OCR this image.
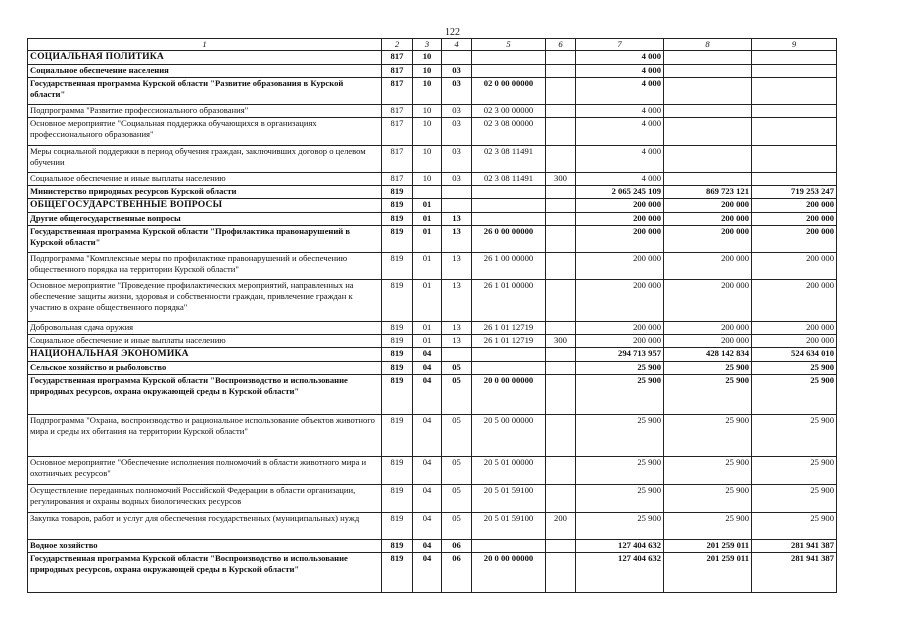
122
1	2	3	4	5	6	7	8	9
СОЦИАЛЬНАЯ ПОЛИТИКА	817	10				4 000		
Социальное обеспечение населения	817	10	03			4 000		
Государственная программа Курской области "Развитие образования в Курской области"	817	10	03	02 0 00 00000		4 000		
Подпрограмма "Развитие профессионального образования"	817	10	03	02 3 00 00000		4 000		
Основное мероприятие "Социальная поддержка обучающихся в организациях профессионального образования"	817	10	03	02 3 08 00000		4 000		
Меры социальной поддержки в период обучения граждан, заключивших договор о целевом обучении	817	10	03	02 3 08 11491		4 000		
Социальное обеспечение и иные выплаты населению	817	10	03	02 3 08 11491	300	4 000		
Министерство природных ресурсов Курской области	819					2 065 245 109	869 723 121	719 253 247
ОБЩЕГОСУДАРСТВЕННЫЕ ВОПРОСЫ	819	01				200 000	200 000	200 000
Другие общегосударственные вопросы	819	01	13			200 000	200 000	200 000
Государственная программа Курской области "Профилактика правонарушений в Курской области"	819	01	13	26 0 00 00000		200 000	200 000	200 000
Подпрограмма "Комплексные меры по профилактике правонарушений и обеспечению общественного порядка на территории Курской области"	819	01	13	26 1 00 00000		200 000	200 000	200 000
Основное мероприятие "Проведение профилактических мероприятий, направленных на обеспечение защиты жизни, здоровья и собственности граждан, привлечение граждан к участию в охране общественного порядка"	819	01	13	26 1 01 00000		200 000	200 000	200 000
Добровольная сдача оружия	819	01	13	26 1 01 12719		200 000	200 000	200 000
Социальное обеспечение и иные выплаты населению	819	01	13	26 1 01 12719	300	200 000	200 000	200 000
НАЦИОНАЛЬНАЯ ЭКОНОМИКА	819	04				294 713 957	428 142 834	524 634 010
Сельское хозяйство и рыболовство	819	04	05			25 900	25 900	25 900
Государственная программа Курской области "Воспроизводство и использование природных ресурсов, охрана окружающей среды в Курской области"	819	04	05	20 0 00 00000		25 900	25 900	25 900
Подпрограмма "Охрана, воспроизводство и рациональное использование объектов животного мира и среды их обитания на территории Курской области"	819	04	05	20 5 00 00000		25 900	25 900	25 900
Основное мероприятие "Обеспечение исполнения полномочий в области животного мира и охотничьих ресурсов"	819	04	05	20 5 01 00000		25 900	25 900	25 900
Осуществление переданных полномочий Российской Федерации в области организации, регулирования и охраны водных биологических ресурсов	819	04	05	20 5 01 59100		25 900	25 900	25 900
Закупка товаров, работ и услуг для обеспечения государственных (муниципальных) нужд	819	04	05	20 5 01 59100	200	25 900	25 900	25 900
Водное хозяйство	819	04	06			127 404 632	201 259 011	281 941 387
Государственная программа Курской области "Воспроизводство и использование природных ресурсов, охрана окружающей среды в Курской области"	819	04	06	20 0 00 00000		127 404 632	201 259 011	281 941 387
